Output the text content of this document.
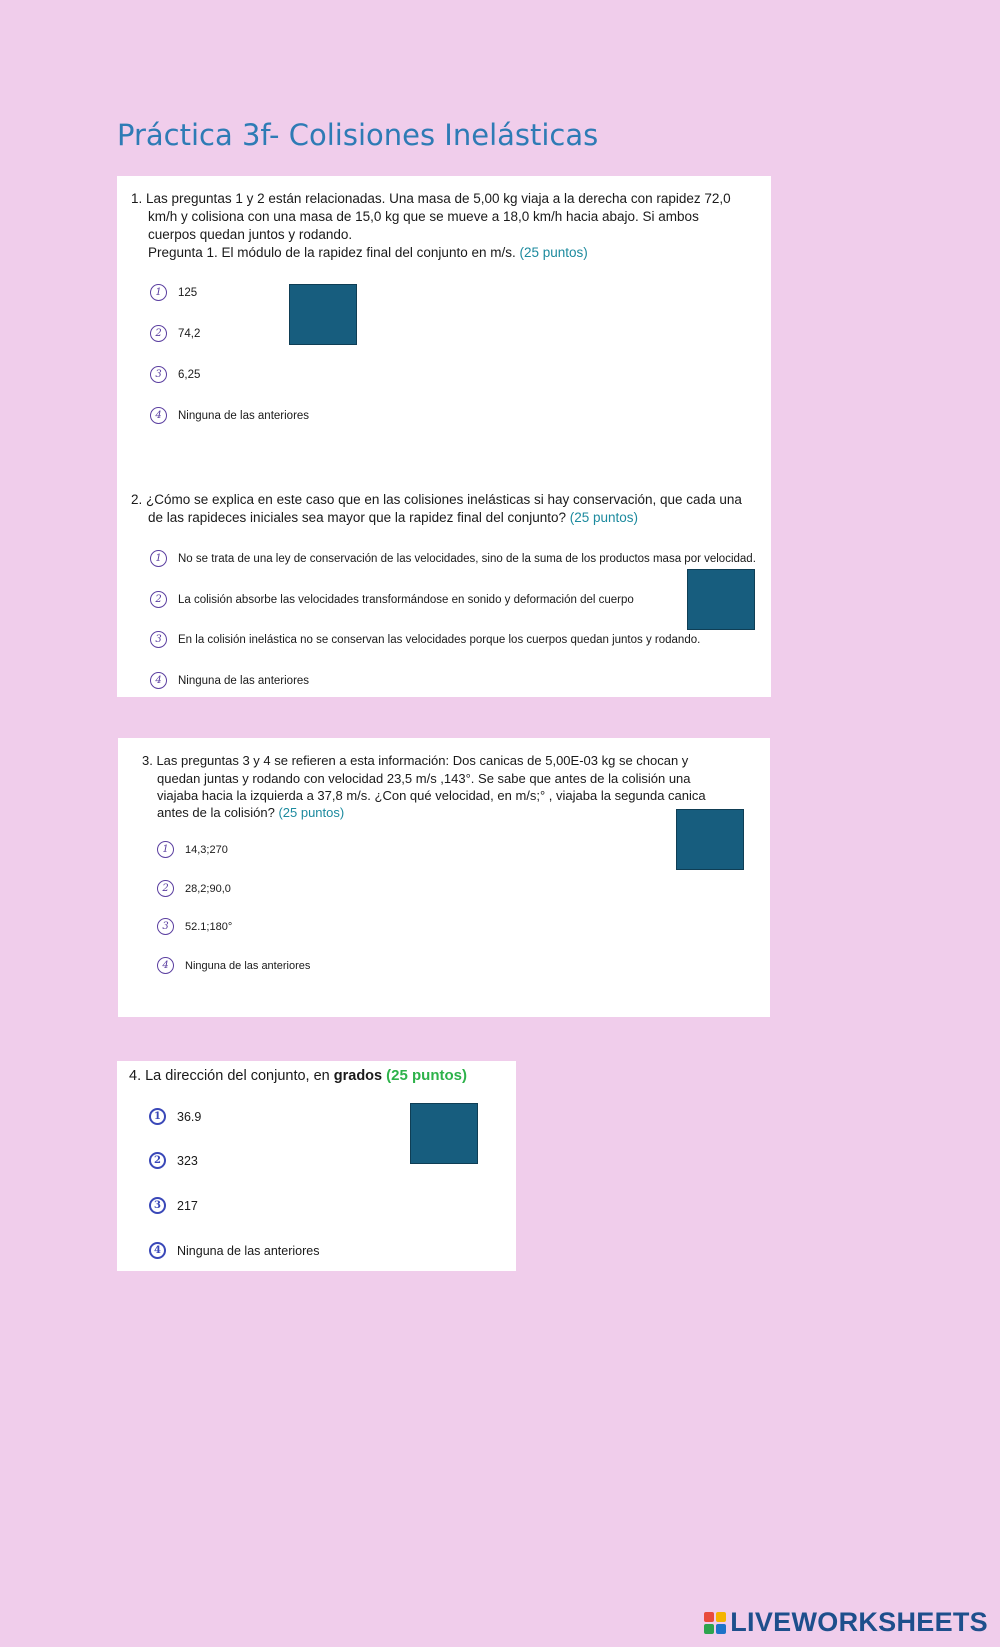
Práctica 3f- Colisiones Inelásticas
1. Las preguntas 1 y 2 están relacionadas. Una masa de 5,00 kg viaja a la derecha con rapidez 72,0
km/h y colisiona con una masa de 15,0 kg que se mueve a 18,0 km/h hacia abajo. Si ambos
cuerpos quedan juntos y rodando.
Pregunta 1. El módulo de la rapidez final del conjunto en m/s. (25 puntos)
1	125
2	74,2
3	6,25
4	Ninguna de las anteriores
2. ¿Cómo se explica en este caso que en las colisiones inelásticas si hay conservación, que cada una
de las rapideces iniciales sea mayor que la rapidez final del conjunto? (25 puntos)
1	No se trata de una ley de conservación de las velocidades, sino de la suma de los productos masa por velocidad.
2	La colisión absorbe las velocidades transformándose en sonido y deformación del cuerpo
3	En la colisión inelástica no se conservan las velocidades porque los cuerpos quedan juntos y rodando.
4	Ninguna de las anteriores
3. Las preguntas 3 y 4 se refieren a esta información: Dos canicas de 5,00E-03 kg se chocan y
quedan juntas y rodando con velocidad 23,5 m/s ,143°. Se sabe que antes de la colisión una
viajaba hacia la izquierda a 37,8 m/s. ¿Con qué velocidad, en m/s;° , viajaba la segunda canica
antes de la colisión? (25 puntos)
1	14,3;270
2	28,2;90,0
3	52.1;180°
4	Ninguna de las anteriores
4. La dirección del conjunto, en grados (25 puntos)
1	36.9
2	323
3	217
4	Ninguna de las anteriores
LIVEWORKSHEETS
